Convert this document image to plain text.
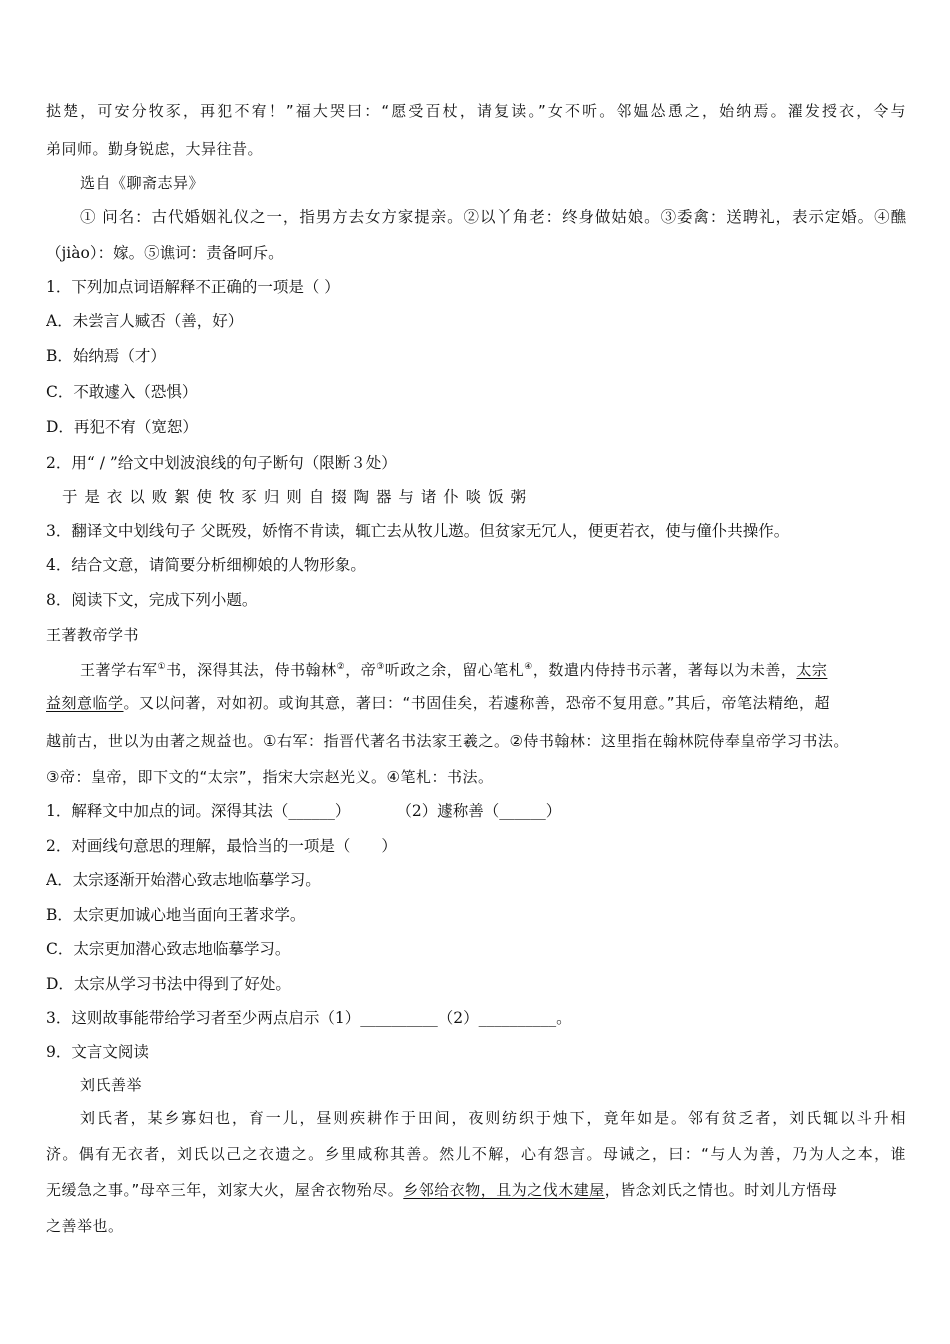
挞楚，可安分牧豕，再犯不宥！”福大哭曰：“愿受百杖，请复读。”女不听。邻媪怂恿之，始纳焉。濯发授衣，令与
弟同师。勤身锐虑，大异往昔。
选自《聊斋志异》
① 问名：古代婚姻礼仪之一，指男方去女方家提亲。②以丫角老：终身做姑娘。③委禽：送聘礼，表示定婚。④醮
（jiào）：嫁。⑤谯诃：责备呵斥。
1．下列加点词语解释不正确的一项是（ ）
A．未尝言人臧否（善，好）
B．始纳焉（才）
C．不敢遽入（恐惧）
D．再犯不宥（宽恕）
2．用“ / ”给文中划波浪线的句子断句（限断３处）
于 是 衣 以 败 絮 使 牧 豕 归 则 自 掇 陶 器 与 诸 仆 啖 饭 粥
3．翻译文中划线句子 父既殁，娇惰不肯读，辄亡去从牧儿遨。但贫家无冗人，便更若衣，使与僮仆共操作。
4．结合文意，请简要分析细柳娘的人物形象。
8．阅读下文，完成下列小题。
王著教帝学书
王著学右军①书，深得其法，侍书翰林②，帝③听政之余，留心笔札④，数遣内侍持书示著，著每以为未善，太宗
益刻意临学。又以问著，对如初。或询其意，著曰：“书固佳矣，若遽称善，恐帝不复用意。”其后，帝笔法精绝，超
越前古，世以为由著之规益也。①右军：指晋代著名书法家王羲之。②侍书翰林：这里指在翰林院侍奉皇帝学习书法。
③帝：皇帝，即下文的“太宗”，指宋大宗赵光义。④笔札：书法。
1．解释文中加点的词。深得其法（______）	（2）遽称善（______）
2．对画线句意思的理解，最恰当的一项是（　　）
A．太宗逐渐开始潜心致志地临摹学习。
B．太宗更加诚心地当面向王著求学。
C．太宗更加潜心致志地临摹学习。
D．太宗从学习书法中得到了好处。
3．这则故事能带给学习者至少两点启示（1）__________（2）__________。
9．文言文阅读
刘氏善举
刘氏者，某乡寡妇也，育一儿，昼则疾耕作于田间，夜则纺织于烛下，竟年如是。邻有贫乏者，刘氏辄以斗升相
济。偶有无衣者，刘氏以己之衣遗之。乡里咸称其善。然儿不解，心有怨言。母诫之，曰：“与人为善，乃为人之本，谁
无缓急之事。”母卒三年，刘家大火，屋舍衣物殆尽。乡邻给衣物，且为之伐木建屋，皆念刘氏之情也。时刘儿方悟母
之善举也。
